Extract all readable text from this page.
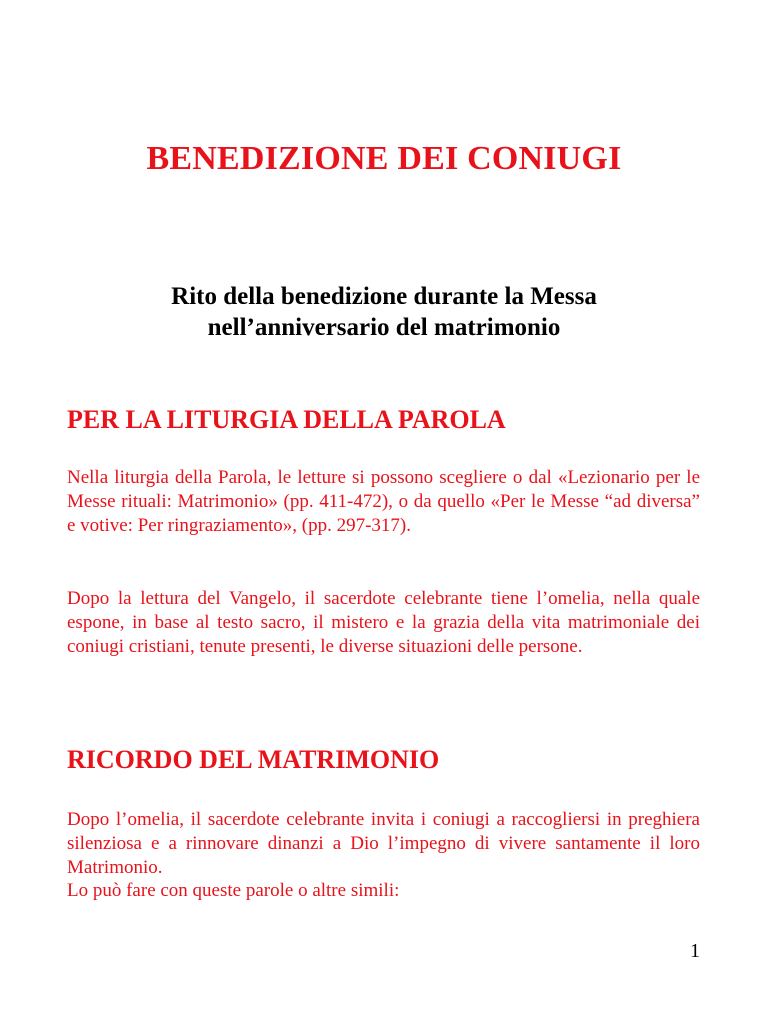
BENEDIZIONE DEI CONIUGI
Rito della benedizione durante la Messa
nell’anniversario del matrimonio
PER LA LITURGIA DELLA PAROLA

Nella liturgia della Parola, le letture si possono scegliere o dal «Lezionario per le Messe rituali: Matrimonio» (pp. 411-472), o da quello «Per le Messe “ad diversa” e votive: Per ringraziamento», (pp. 297-317).

Dopo la lettura del Vangelo, il sacerdote celebrante tiene l’omelia, nella quale espone, in base al testo sacro, il mistero e la grazia della vita matrimoniale dei coniugi cristiani, tenute presenti, le diverse situazioni delle persone.

RICORDO DEL MATRIMONIO

Dopo l’omelia, il sacerdote celebrante invita i coniugi a raccogliersi in preghiera silenziosa e a rinnovare dinanzi a Dio l’impegno di vivere santamente il loro Matrimonio.

Lo può fare con queste parole o altre simili:

1
